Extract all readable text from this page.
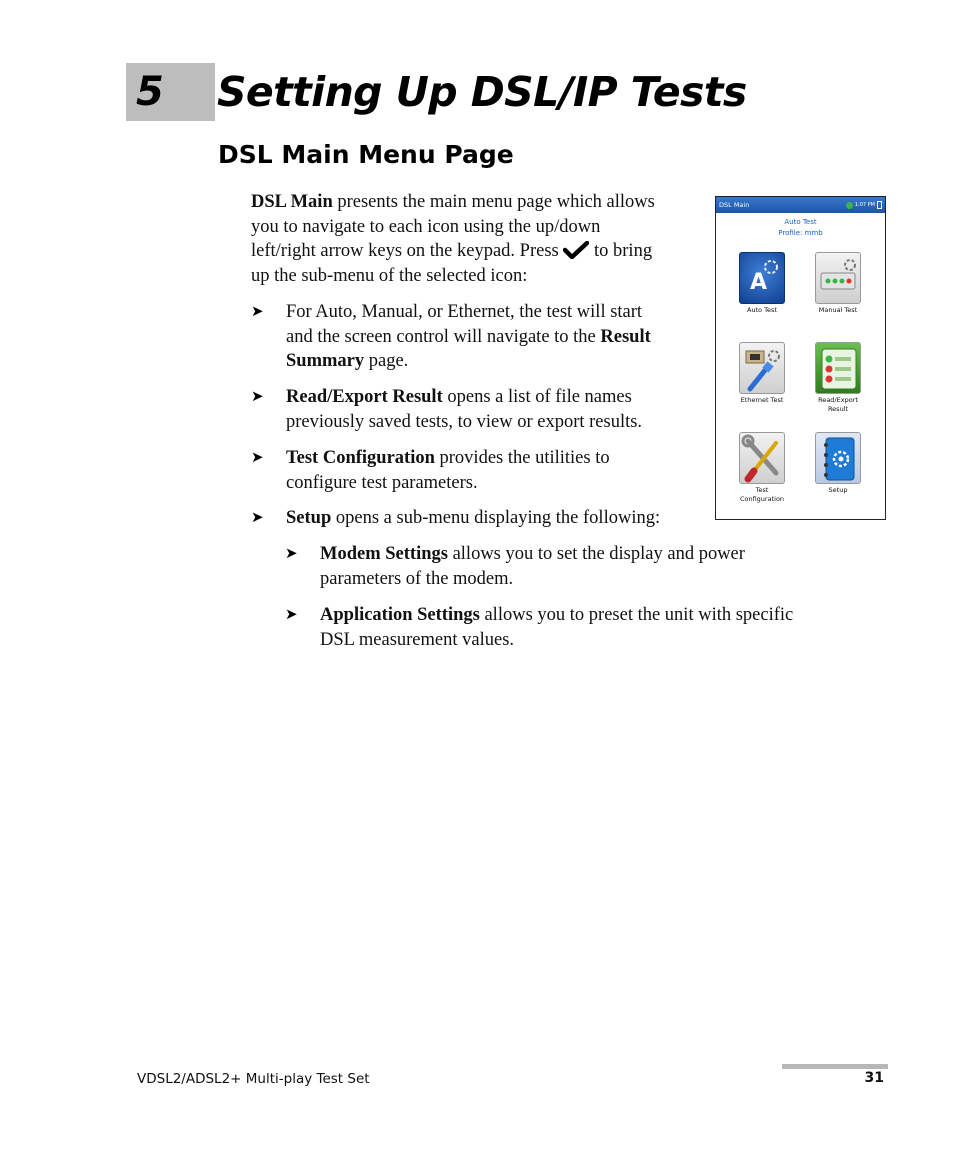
5 Setting Up DSL/IP Tests
DSL Main Menu Page
DSL Main presents the main menu page which allows
you to navigate to each icon using the up/down
left/right arrow keys on the keypad. Press  to bring
up the sub-menu of the selected icon:
➤ For Auto, Manual, or Ethernet, the test will start
and the screen control will navigate to the Result
Summary page.
➤ Read/Export Result opens a list of file names
previously saved tests, to view or export results.
➤ Test Configuration provides the utilities to
configure test parameters.
➤ Setup opens a sub-menu displaying the following:
➤ Modem Settings allows you to set the display and power
parameters of the modem.
➤ Application Settings allows you to preset the unit with specific
DSL measurement values.
DSL Main	1:07 PM
Auto Test
Profile: mmb
A
Auto Test	Manual Test
Ethernet Test	Read/Export
Result
Test
Configuration
Setup
VDSL2/ADSL2+ Multi-play Test Set	31
